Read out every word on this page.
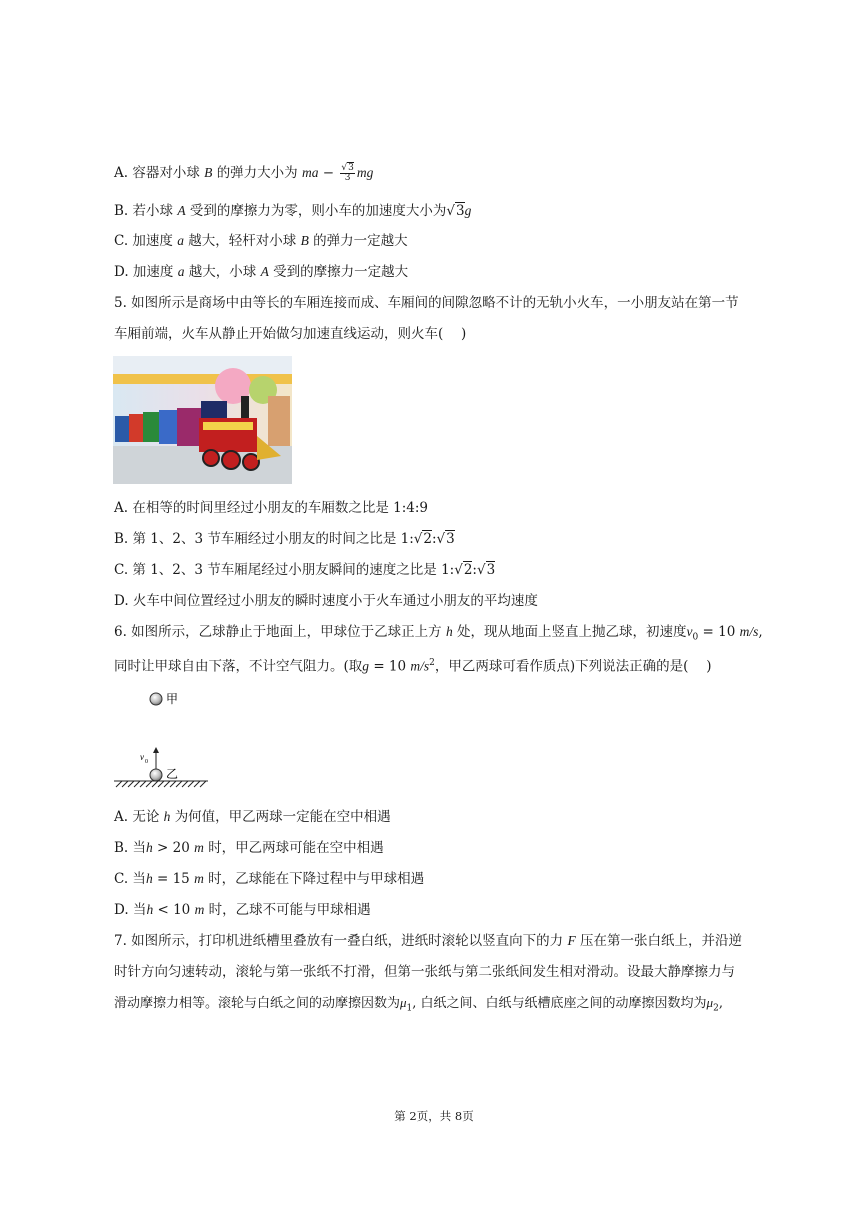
A. 容器对小球 B 的弹力大小为 ma − $\frac{√3}{3}$ mg
B. 若小球 A 受到的摩擦力为零，则小车的加速度大小为√3g
C. 加速度 a 越大，轻杆对小球 B 的弹力一定越大
D. 加速度 a 越大，小球 A 受到的摩擦力一定越大
5. 如图所示是商场中由等长的车厢连接而成、车厢间的间隙忽略不计的无轨小火车，一小朋友站在第一节
车厢前端，火车从静止开始做匀加速直线运动，则火车(　 )
A. 在相等的时间里经过小朋友的车厢数之比是 1:4:9
B. 第 1、2、3 节车厢经过小朋友的时间之比是 1:√2:√3
C. 第 1、2、3 节车厢尾经过小朋友瞬间的速度之比是 1:√2:√3
D. 火车中间位置经过小朋友的瞬时速度小于火车通过小朋友的平均速度
6. 如图所示，乙球静止于地面上，甲球位于乙球正上方 h 处，现从地面上竖直上抛乙球，初速度$v_0 = 10$ m/s,
同时让甲球自由下落，不计空气阻力。(取g = 10 $m/s^2$，甲乙两球可看作质点)下列说法正确的是(　 )
甲
v 0
乙
A. 无论 h 为何值，甲乙两球一定能在空中相遇
B. 当h > 20 m 时，甲乙两球可能在空中相遇
C. 当h = 15 m 时，乙球能在下降过程中与甲球相遇
D. 当h < 10 m 时，乙球不可能与甲球相遇
7. 如图所示，打印机进纸槽里叠放有一叠白纸，进纸时滚轮以竖直向下的力 F 压在第一张白纸上，并沿逆
时针方向匀速转动，滚轮与第一张纸不打滑，但第一张纸与第二张纸间发生相对滑动。设最大静摩擦力与
滑动摩擦力相等。滚轮与白纸之间的动摩擦因数为$\mu_1$, 白纸之间、白纸与纸槽底座之间的动摩擦因数均为$\mu_2$,
第 2页，共 8页
